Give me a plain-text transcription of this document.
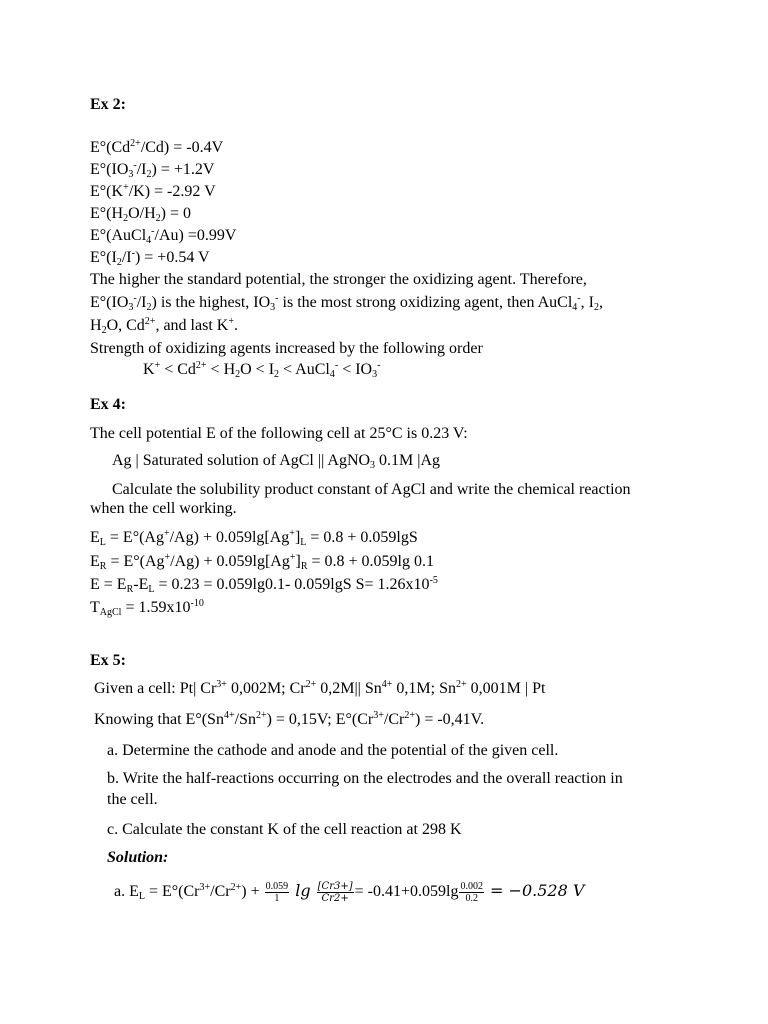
Ex 2:
$E^\circ(Cd^{2+}/Cd) = -0.4V$
$E^\circ(IO_3^-/I_2) = +1.2V$
E°(K+/K) = -2.92 V
$E^\circ(H_2O/H_2) = 0$
E°(AuCl$_4$-/Au) =0.99V
$E^\circ(I_2/I^-) = +0.54$ V
The higher the standard potential, the stronger the oxidizing agent. Therefore,
$E^\circ(IO_3^-/I_2)$ is the highest, $IO_3^-$ is the most strong oxidizing agent, then AuCl$_4$-, $I_2$,
$H_2O$, $Cd^{2+}$, and last K+.
Strength of oxidizing agents increased by the following order
$K^+ < Cd^{2+} < H_2O < I_2$ < AuCl$_4$- < $IO_3^-$
Ex 4:
The cell potential E of the following cell at 25°C is 0.23 V:
Ag | Saturated solution of AgCl || AgNO$_3$ 0.1M |Ag
Calculate the solubility product constant of AgCl and write the chemical reaction
when the cell working.
$E_L = E^\circ(Ag^+/Ag) + 0.059\lg[Ag^+]_L = 0.8 + 0.059\lg S$
$E_R = E^\circ(Ag^+/Ag) + 0.059\lg[Ag^+]_R = 0.8 + 0.059\lg$ 0.1
$E = E_R-E_L = 0.23 = 0.059\lg 0.1-$ 0.059lgS $S= 1.26x10^{-5}$
$T_{AgCl} = 1.59x10^{-10}$
Ex 5:
Given a cell: Pt| $Cr^{3+}$ 0,002M; $Cr^{2+}$ 0,2M|| $Sn^{4+}$ 0,1M; $Sn^{2+}$ 0,001M | Pt
Knowing that $E^\circ(Sn^{4+}/Sn^{2+}) = 0,15V$; $E^\circ(Cr^{3+}/Cr^{2+}) = -0,41V$.
a. Determine the cathode and anode and the potential of the given cell.
b. Write the half-reactions occurring on the electrodes and the overall reaction in
the cell.
c. Calculate the constant K of the cell reaction at 298 K
Solution:
a. $E_L = E^\circ(Cr^{3+}/Cr^{2+}) + \frac{0.059}{1}$ $\lg \frac{[Cr3+]}{Cr2+} = -0.41+0.059\lg \frac{0.002}{0.2} = -0.528$ V
